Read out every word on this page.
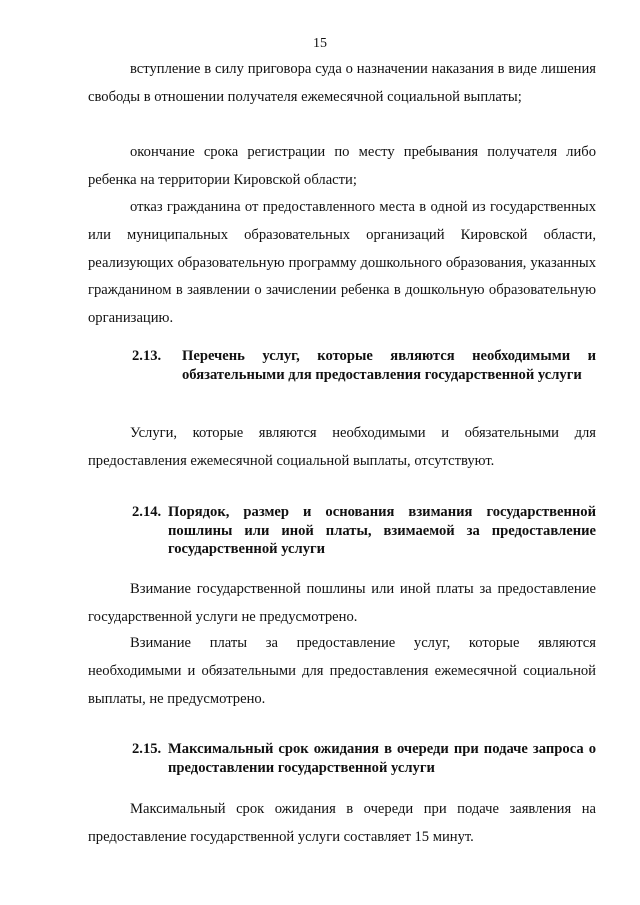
15

вступление в силу приговора суда о назначении наказания в виде лишения свободы в отношении получателя ежемесячной социальной выплаты;

окончание срока регистрации по месту пребывания получателя либо ребенка на территории Кировской области;

отказ гражданина от предоставленного места в одной из государственных или муниципальных образовательных организаций Кировской области, реализующих образовательную программу дошкольного образования, указанных гражданином в заявлении о зачислении ребенка в дошкольную образовательную организацию.

2.13.	Перечень услуг, которые являются необходимыми и обязательными для предоставления государственной услуги

Услуги, которые являются необходимыми и обязательными для предоставления ежемесячной социальной выплаты, отсутствуют.

2.14. Порядок, размер и основания взимания государственной пошлины или иной платы, взимаемой за предоставление государственной услуги

Взимание государственной пошлины или иной платы за предоставление государственной услуги не предусмотрено.

Взимание платы за предоставление услуг, которые являются необходимыми и обязательными для предоставления ежемесячной социальной выплаты, не предусмотрено.

2.15. Максимальный срок ожидания в очереди при подаче запроса о предоставлении государственной услуги

Максимальный срок ожидания в очереди при подаче заявления на предоставление государственной услуги составляет 15 минут.
